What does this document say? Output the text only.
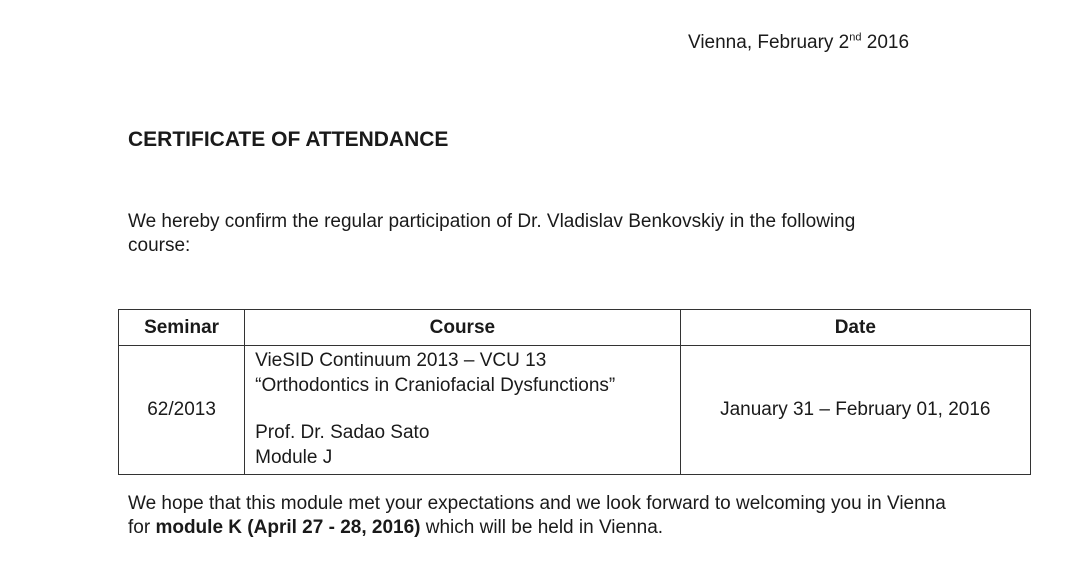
Vienna, February 2nd 2016
CERTIFICATE OF ATTENDANCE

We hereby confirm the regular participation of Dr. Vladislav Benkovskiy in the following course:

Seminar	Course	Date
62/2013	VieSID Continuum 2013 – VCU 13
“Orthodontics in Craniofacial Dysfunctions”
Prof. Dr. Sadao Sato
Module J	January 31 – February 01, 2016

We hope that this module met your expectations and we look forward to welcoming you in Vienna for module K (April 27 - 28, 2016) which will be held in Vienna.
